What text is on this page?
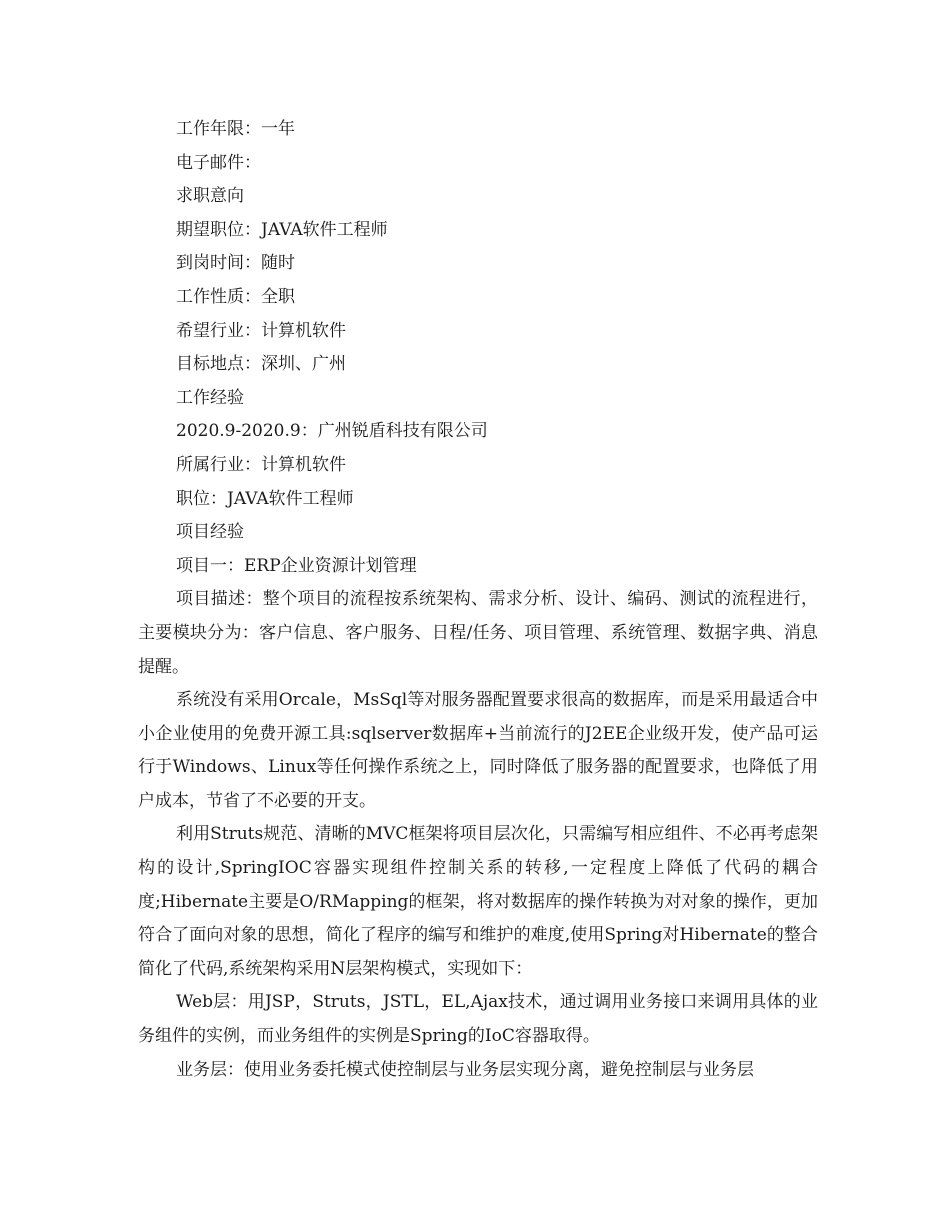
工作年限：一年

电子邮件：

求职意向

期望职位：JAVA软件工程师

到岗时间：随时

工作性质：全职

希望行业：计算机软件

目标地点：深圳、广州

工作经验

2020.9-2020.9：广州锐盾科技有限公司

所属行业：计算机软件

职位：JAVA软件工程师

项目经验

项目一：ERP企业资源计划管理

项目描述：整个项目的流程按系统架构、需求分析、设计、编码、测试的流程进行，主要模块分为：客户信息、客户服务、日程/任务、项目管理、系统管理、数据字典、消息提醒。

系统没有采用Orcale，MsSql等对服务器配置要求很高的数据库，而是采用最适合中小企业使用的免费开源工具:sqlserver数据库+当前流行的J2EE企业级开发，使产品可运行于Windows、Linux等任何操作系统之上，同时降低了服务器的配置要求，也降低了用户成本，节省了不必要的开支。

利用Struts规范、清晰的MVC框架将项目层次化，只需编写相应组件、不必再考虑架构的设计,SpringIOC容器实现组件控制关系的转移,一定程度上降低了代码的耦合度;Hibernate主要是O/RMapping的框架，将对数据库的操作转换为对对象的操作，更加符合了面向对象的思想，简化了程序的编写和维护的难度,使用Spring对Hibernate的整合简化了代码,系统架构采用N层架构模式，实现如下：

Web层：用JSP，Struts，JSTL，EL,Ajax技术，通过调用业务接口来调用具体的业务组件的实例，而业务组件的实例是Spring的IoC容器取得。

业务层：使用业务委托模式使控制层与业务层实现分离，避免控制层与业务层
